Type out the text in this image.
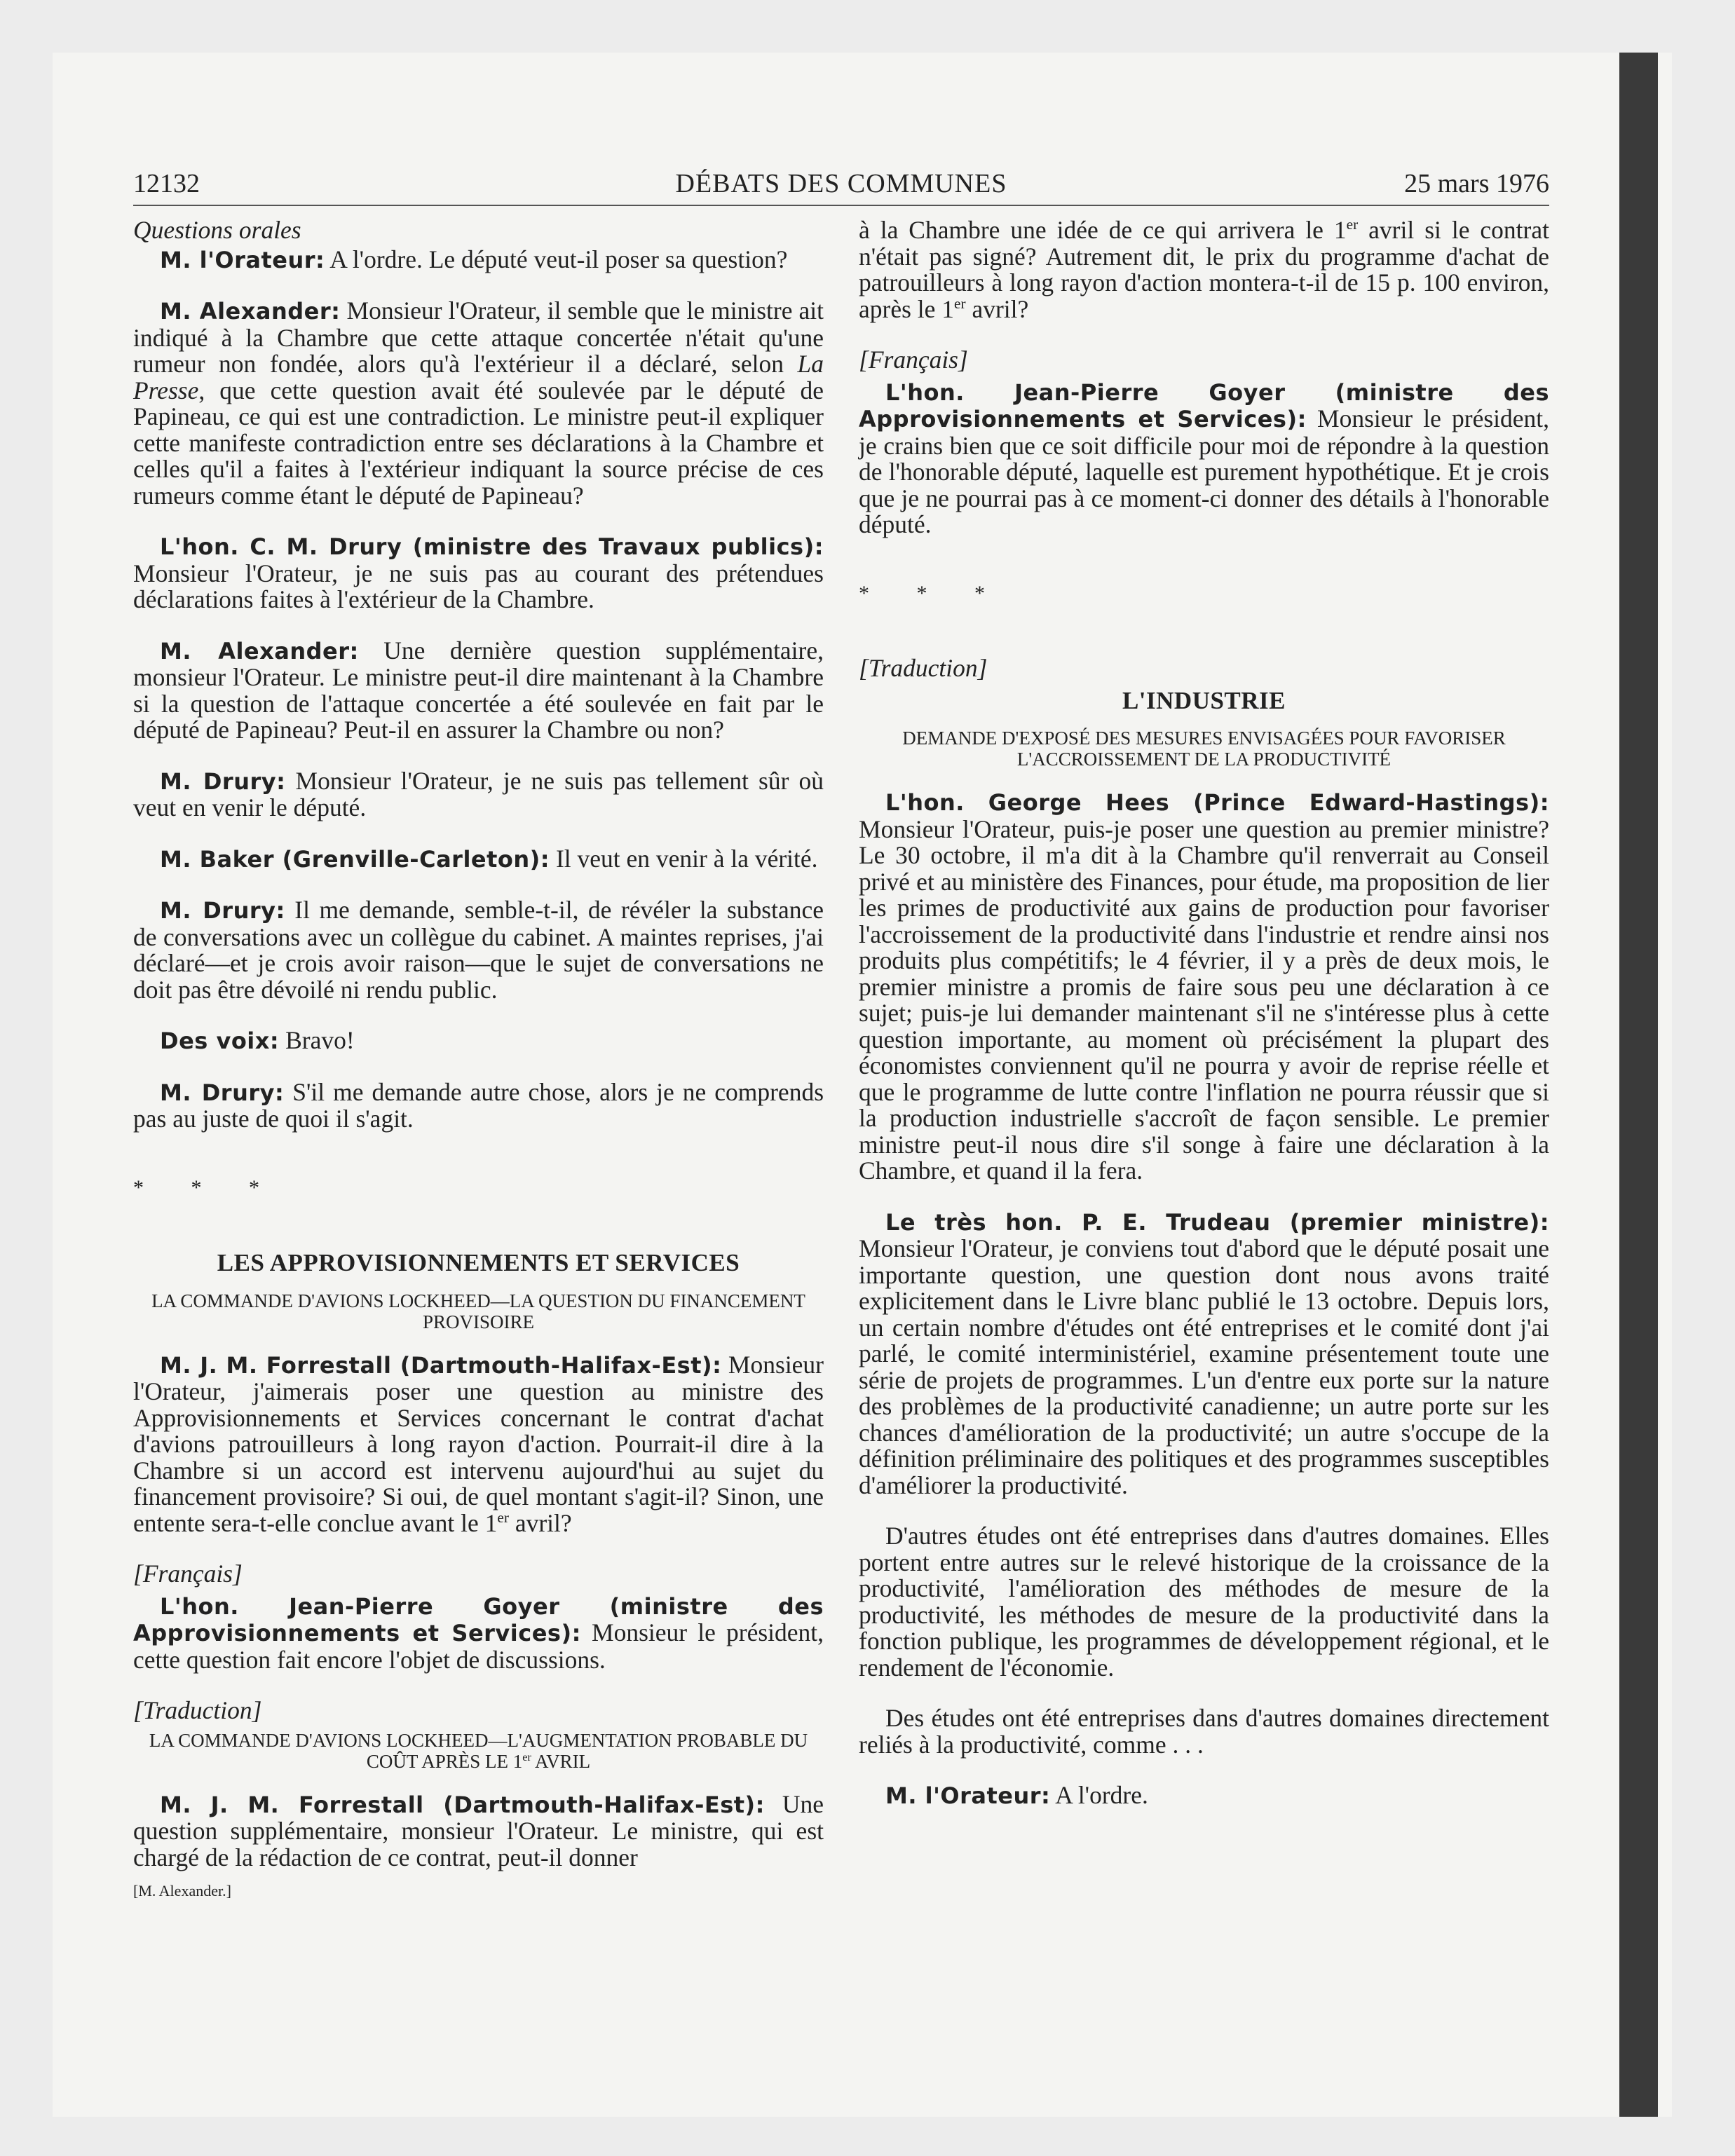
12132	DÉBATS DES COMMUNES	25 mars 1976

Questions orales

M. l'Orateur: A l'ordre. Le député veut-il poser sa question?

M. Alexander: Monsieur l'Orateur, il semble que le ministre ait indiqué à la Chambre que cette attaque concertée n'était qu'une rumeur non fondée, alors qu'à l'extérieur il a déclaré, selon La Presse, que cette question avait été soulevée par le député de Papineau, ce qui est une contradiction. Le ministre peut-il expliquer cette manifeste contradiction entre ses déclarations à la Chambre et celles qu'il a faites à l'extérieur indiquant la source précise de ces rumeurs comme étant le député de Papineau?

L'hon. C. M. Drury (ministre des Travaux publics): Monsieur l'Orateur, je ne suis pas au courant des prétendues déclarations faites à l'extérieur de la Chambre.

M. Alexander: Une dernière question supplémentaire, monsieur l'Orateur. Le ministre peut-il dire maintenant à la Chambre si la question de l'attaque concertée a été soulevée en fait par le député de Papineau? Peut-il en assurer la Chambre ou non?

M. Drury: Monsieur l'Orateur, je ne suis pas tellement sûr où veut en venir le député.

M. Baker (Grenville-Carleton): Il veut en venir à la vérité.

M. Drury: Il me demande, semble-t-il, de révéler la substance de conversations avec un collègue du cabinet. A maintes reprises, j'ai déclaré—et je crois avoir raison—que le sujet de conversations ne doit pas être dévoilé ni rendu public.

Des voix: Bravo!

M. Drury: S'il me demande autre chose, alors je ne comprends pas au juste de quoi il s'agit.

* * *

LES APPROVISIONNEMENTS ET SERVICES

LA COMMANDE D'AVIONS LOCKHEED—LA QUESTION DU FINANCEMENT PROVISOIRE

M. J. M. Forrestall (Dartmouth-Halifax-Est): Monsieur l'Orateur, j'aimerais poser une question au ministre des Approvisionnements et Services concernant le contrat d'achat d'avions patrouilleurs à long rayon d'action. Pourrait-il dire à la Chambre si un accord est intervenu aujourd'hui au sujet du financement provisoire? Si oui, de quel montant s'agit-il? Sinon, une entente sera-t-elle conclue avant le 1er avril?

[Français]

L'hon. Jean-Pierre Goyer (ministre des Approvisionnements et Services): Monsieur le président, cette question fait encore l'objet de discussions.

[Traduction]

LA COMMANDE D'AVIONS LOCKHEED—L'AUGMENTATION PROBABLE DU COÛT APRÈS LE 1er AVRIL

M. J. M. Forrestall (Dartmouth-Halifax-Est): Une question supplémentaire, monsieur l'Orateur. Le ministre, qui est chargé de la rédaction de ce contrat, peut-il donner

[M. Alexander.]

à la Chambre une idée de ce qui arrivera le 1er avril si le contrat n'était pas signé? Autrement dit, le prix du programme d'achat de patrouilleurs à long rayon d'action montera-t-il de 15 p. 100 environ, après le 1er avril?

[Français]

L'hon. Jean-Pierre Goyer (ministre des Approvisionnements et Services): Monsieur le président, je crains bien que ce soit difficile pour moi de répondre à la question de l'honorable député, laquelle est purement hypothétique. Et je crois que je ne pourrai pas à ce moment-ci donner des détails à l'honorable député.

* * *

[Traduction]

L'INDUSTRIE

DEMANDE D'EXPOSÉ DES MESURES ENVISAGÉES POUR FAVORISER L'ACCROISSEMENT DE LA PRODUCTIVITÉ

L'hon. George Hees (Prince Edward-Hastings): Monsieur l'Orateur, puis-je poser une question au premier ministre? Le 30 octobre, il m'a dit à la Chambre qu'il renverrait au Conseil privé et au ministère des Finances, pour étude, ma proposition de lier les primes de productivité aux gains de production pour favoriser l'accroissement de la productivité dans l'industrie et rendre ainsi nos produits plus compétitifs; le 4 février, il y a près de deux mois, le premier ministre a promis de faire sous peu une déclaration à ce sujet; puis-je lui demander maintenant s'il ne s'intéresse plus à cette question importante, au moment où précisément la plupart des économistes conviennent qu'il ne pourra y avoir de reprise réelle et que le programme de lutte contre l'inflation ne pourra réussir que si la production industrielle s'accroît de façon sensible. Le premier ministre peut-il nous dire s'il songe à faire une déclaration à la Chambre, et quand il la fera.

Le très hon. P. E. Trudeau (premier ministre): Monsieur l'Orateur, je conviens tout d'abord que le député posait une importante question, une question dont nous avons traité explicitement dans le Livre blanc publié le 13 octobre. Depuis lors, un certain nombre d'études ont été entreprises et le comité dont j'ai parlé, le comité interministériel, examine présentement toute une série de projets de programmes. L'un d'entre eux porte sur la nature des problèmes de la productivité canadienne; un autre porte sur les chances d'amélioration de la productivité; un autre s'occupe de la définition préliminaire des politiques et des programmes susceptibles d'améliorer la productivité.

D'autres études ont été entreprises dans d'autres domaines. Elles portent entre autres sur le relevé historique de la croissance de la productivité, l'amélioration des méthodes de mesure de la productivité, les méthodes de mesure de la productivité dans la fonction publique, les programmes de développement régional, et le rendement de l'économie.

Des études ont été entreprises dans d'autres domaines directement reliés à la productivité, comme . . .

M. l'Orateur: A l'ordre.
